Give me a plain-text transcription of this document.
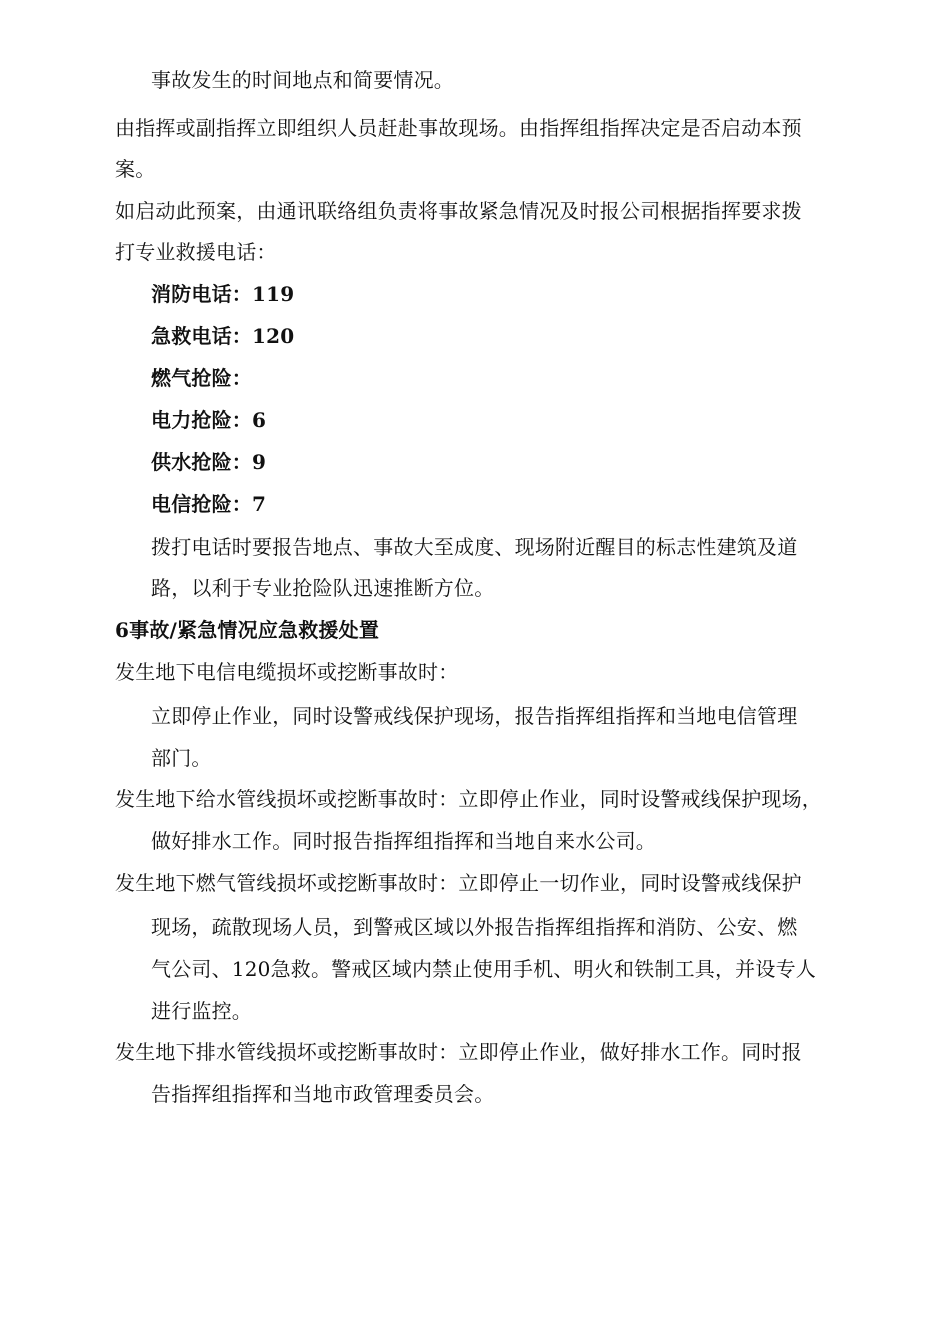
事故发生的时间地点和简要情况。
由指挥或副指挥立即组织人员赶赴事故现场。由指挥组指挥决定是否启动本预
案。
如启动此预案，由通讯联络组负责将事故紧急情况及时报公司根据指挥要求拨
打专业救援电话：
消防电话：119
急救电话：120
燃气抢险：
电力抢险：6
供水抢险：9
电信抢险：7
拨打电话时要报告地点、事故大至成度、现场附近醒目的标志性建筑及道
路，以利于专业抢险队迅速推断方位。
6事故/紧急情况应急救援处置
发生地下电信电缆损坏或挖断事故时：
立即停止作业，同时设警戒线保护现场，报告指挥组指挥和当地电信管理
部门。
发生地下给水管线损坏或挖断事故时：立即停止作业，同时设警戒线保护现场，
做好排水工作。同时报告指挥组指挥和当地自来水公司。
发生地下燃气管线损坏或挖断事故时：立即停止一切作业，同时设警戒线保护
现场，疏散现场人员，到警戒区域以外报告指挥组指挥和消防、公安、燃
气公司、120急救。警戒区域内禁止使用手机、明火和铁制工具，并设专人
进行监控。
发生地下排水管线损坏或挖断事故时：立即停止作业，做好排水工作。同时报
告指挥组指挥和当地市政管理委员会。
